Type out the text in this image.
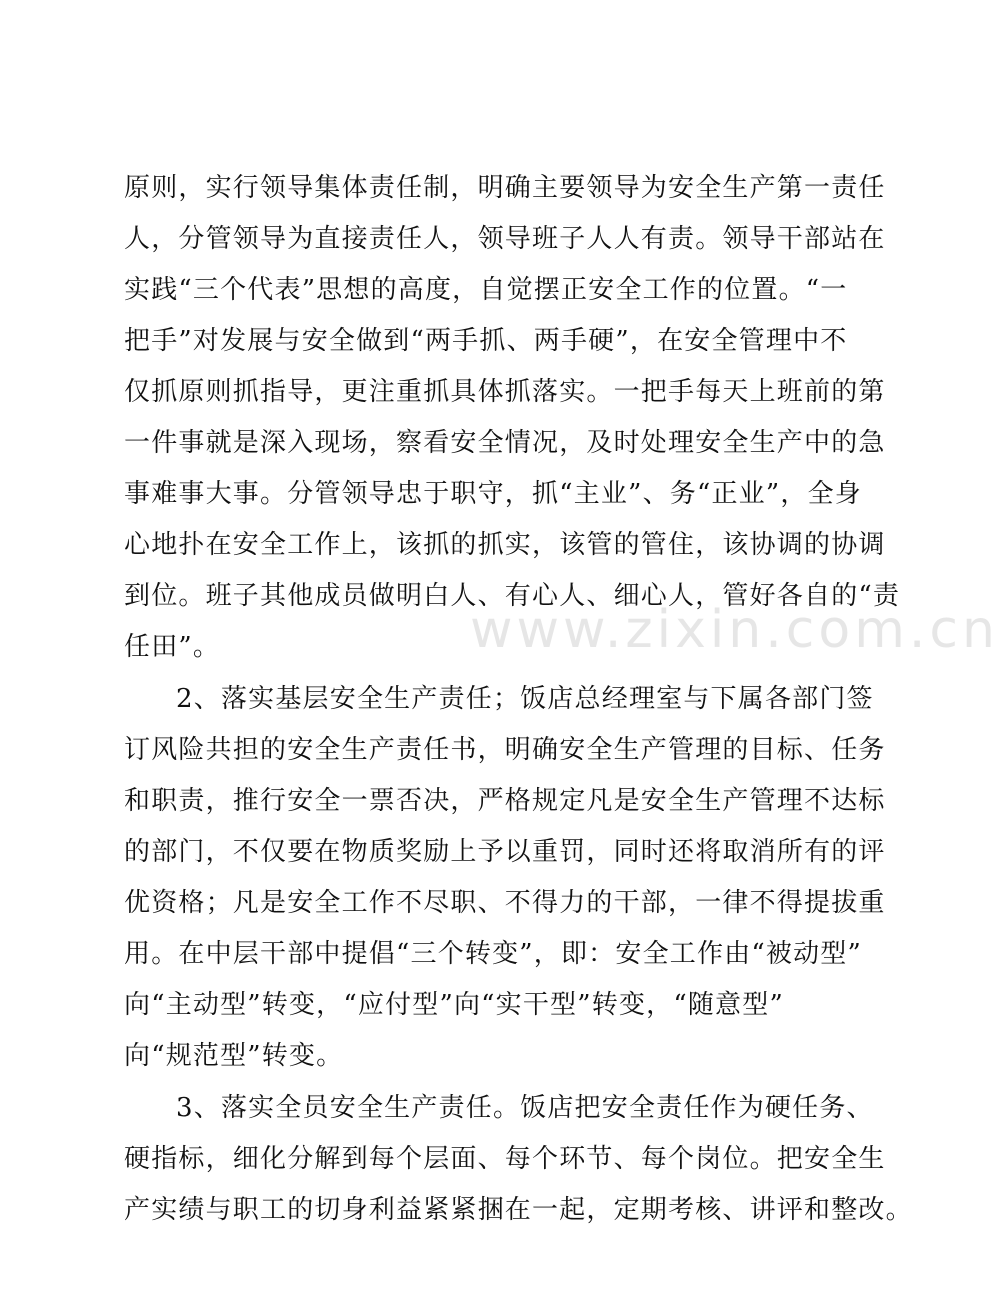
www.zixin.com.cn
原则，实行领导集体责任制，明确主要领导为安全生产第一责任
人，分管领导为直接责任人，领导班子人人有责。领导干部站在
实践“三个代表”思想的高度，自觉摆正安全工作的位置。“一
把手”对发展与安全做到“两手抓、两手硬”，在安全管理中不
仅抓原则抓指导，更注重抓具体抓落实。一把手每天上班前的第
一件事就是深入现场，察看安全情况，及时处理安全生产中的急
事难事大事。分管领导忠于职守，抓“主业”、务“正业”，全身
心地扑在安全工作上，该抓的抓实，该管的管住，该协调的协调
到位。班子其他成员做明白人、有心人、细心人，管好各自的“责
任田”。
2、落实基层安全生产责任；饭店总经理室与下属各部门签
订风险共担的安全生产责任书，明确安全生产管理的目标、任务
和职责，推行安全一票否决，严格规定凡是安全生产管理不达标
的部门，不仅要在物质奖励上予以重罚，同时还将取消所有的评
优资格；凡是安全工作不尽职、不得力的干部，一律不得提拔重
用。在中层干部中提倡“三个转变”，即：安全工作由“被动型”
向“主动型”转变，“应付型”向“实干型”转变，“随意型”
向“规范型”转变。
3、落实全员安全生产责任。饭店把安全责任作为硬任务、
硬指标，细化分解到每个层面、每个环节、每个岗位。把安全生
产实绩与职工的切身利益紧紧捆在一起，定期考核、讲评和整改。
